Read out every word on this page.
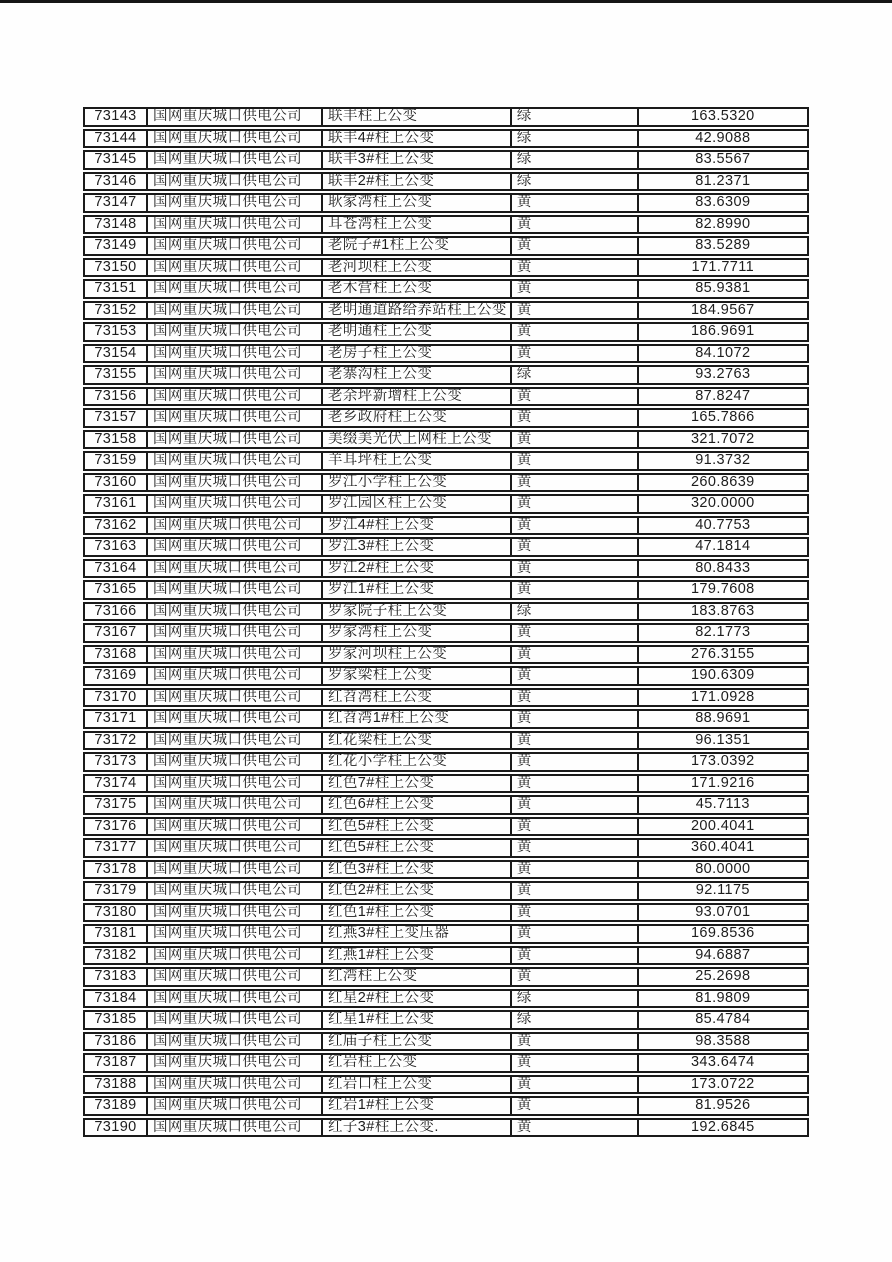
73143	国网重庆城口供电公司	联丰柱上公变	绿	163.5320
73144	国网重庆城口供电公司	联丰4#柱上公变	绿	42.9088
73145	国网重庆城口供电公司	联丰3#柱上公变	绿	83.5567
73146	国网重庆城口供电公司	联丰2#柱上公变	绿	81.2371
73147	国网重庆城口供电公司	耿家湾柱上公变	黄	83.6309
73148	国网重庆城口供电公司	耳苍湾柱上公变	黄	82.8990
73149	国网重庆城口供电公司	老院子#1柱上公变	黄	83.5289
73150	国网重庆城口供电公司	老河坝柱上公变	黄	171.7711
73151	国网重庆城口供电公司	老木营柱上公变	黄	85.9381
73152	国网重庆城口供电公司	老明通道路给养站柱上公变	黄	184.9567
73153	国网重庆城口供电公司	老明通柱上公变	黄	186.9691
73154	国网重庆城口供电公司	老房子柱上公变	黄	84.1072
73155	国网重庆城口供电公司	老寨沟柱上公变	绿	93.2763
73156	国网重庆城口供电公司	老余坪新增柱上公变	黄	87.8247
73157	国网重庆城口供电公司	老乡政府柱上公变	黄	165.7866
73158	国网重庆城口供电公司	美缀美光伏上网柱上公变	黄	321.7072
73159	国网重庆城口供电公司	羊耳坪柱上公变	黄	91.3732
73160	国网重庆城口供电公司	罗江小学柱上公变	黄	260.8639
73161	国网重庆城口供电公司	罗江园区柱上公变	黄	320.0000
73162	国网重庆城口供电公司	罗江4#柱上公变	黄	40.7753
73163	国网重庆城口供电公司	罗江3#柱上公变	黄	47.1814
73164	国网重庆城口供电公司	罗江2#柱上公变	黄	80.8433
73165	国网重庆城口供电公司	罗江1#柱上公变	黄	179.7608
73166	国网重庆城口供电公司	罗家院子柱上公变	绿	183.8763
73167	国网重庆城口供电公司	罗家湾柱上公变	黄	82.1773
73168	国网重庆城口供电公司	罗家河坝柱上公变	黄	276.3155
73169	国网重庆城口供电公司	罗家梁柱上公变	黄	190.6309
73170	国网重庆城口供电公司	红苕湾柱上公变	黄	171.0928
73171	国网重庆城口供电公司	红苕湾1#柱上公变	黄	88.9691
73172	国网重庆城口供电公司	红花梁柱上公变	黄	96.1351
73173	国网重庆城口供电公司	红花小学柱上公变	黄	173.0392
73174	国网重庆城口供电公司	红色7#柱上公变	黄	171.9216
73175	国网重庆城口供电公司	红色6#柱上公变	黄	45.7113
73176	国网重庆城口供电公司	红色5#柱上公变	黄	200.4041
73177	国网重庆城口供电公司	红色5#柱上公变	黄	360.4041
73178	国网重庆城口供电公司	红色3#柱上公变	黄	80.0000
73179	国网重庆城口供电公司	红色2#柱上公变	黄	92.1175
73180	国网重庆城口供电公司	红色1#柱上公变	黄	93.0701
73181	国网重庆城口供电公司	红燕3#柱上变压器	黄	169.8536
73182	国网重庆城口供电公司	红燕1#柱上公变	黄	94.6887
73183	国网重庆城口供电公司	红湾柱上公变	黄	25.2698
73184	国网重庆城口供电公司	红星2#柱上公变	绿	81.9809
73185	国网重庆城口供电公司	红星1#柱上公变	绿	85.4784
73186	国网重庆城口供电公司	红庙子柱上公变	黄	98.3588
73187	国网重庆城口供电公司	红岩柱上公变	黄	343.6474
73188	国网重庆城口供电公司	红岩口柱上公变	黄	173.0722
73189	国网重庆城口供电公司	红岩1#柱上公变	黄	81.9526
73190	国网重庆城口供电公司	红子3#柱上公变.	黄	192.6845
